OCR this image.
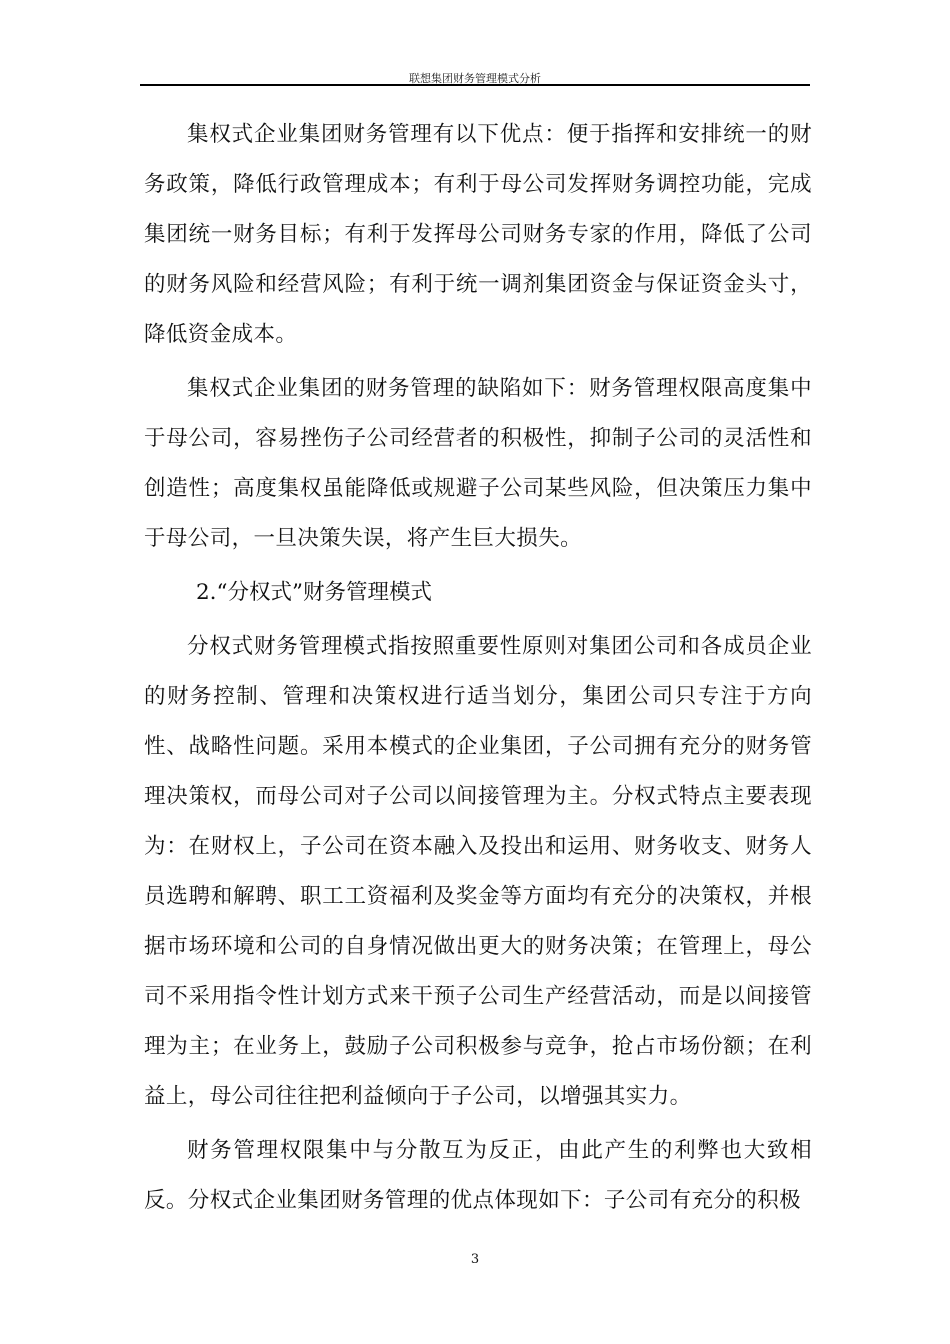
联想集团财务管理模式分析

集权式企业集团财务管理有以下优点：便于指挥和安排统一的财务政策，降低行政管理成本；有利于母公司发挥财务调控功能，完成集团统一财务目标；有利于发挥母公司财务专家的作用，降低了公司的财务风险和经营风险；有利于统一调剂集团资金与保证资金头寸，降低资金成本。

集权式企业集团的财务管理的缺陷如下：财务管理权限高度集中于母公司，容易挫伤子公司经营者的积极性，抑制子公司的灵活性和创造性；高度集权虽能降低或规避子公司某些风险，但决策压力集中于母公司，一旦决策失误，将产生巨大损失。

2.“分权式”财务管理模式

分权式财务管理模式指按照重要性原则对集团公司和各成员企业的财务控制、管理和决策权进行适当划分，集团公司只专注于方向性、战略性问题。采用本模式的企业集团，子公司拥有充分的财务管理决策权，而母公司对子公司以间接管理为主。分权式特点主要表现为：在财权上，子公司在资本融入及投出和运用、财务收支、财务人员选聘和解聘、职工工资福利及奖金等方面均有充分的决策权，并根据市场环境和公司的自身情况做出更大的财务决策；在管理上，母公司不采用指令性计划方式来干预子公司生产经营活动，而是以间接管理为主；在业务上，鼓励子公司积极参与竞争，抢占市场份额；在利益上，母公司往往把利益倾向于子公司，以增强其实力。

财务管理权限集中与分散互为反正，由此产生的利弊也大致相反。分权式企业集团财务管理的优点体现如下：子公司有充分的积极

3
